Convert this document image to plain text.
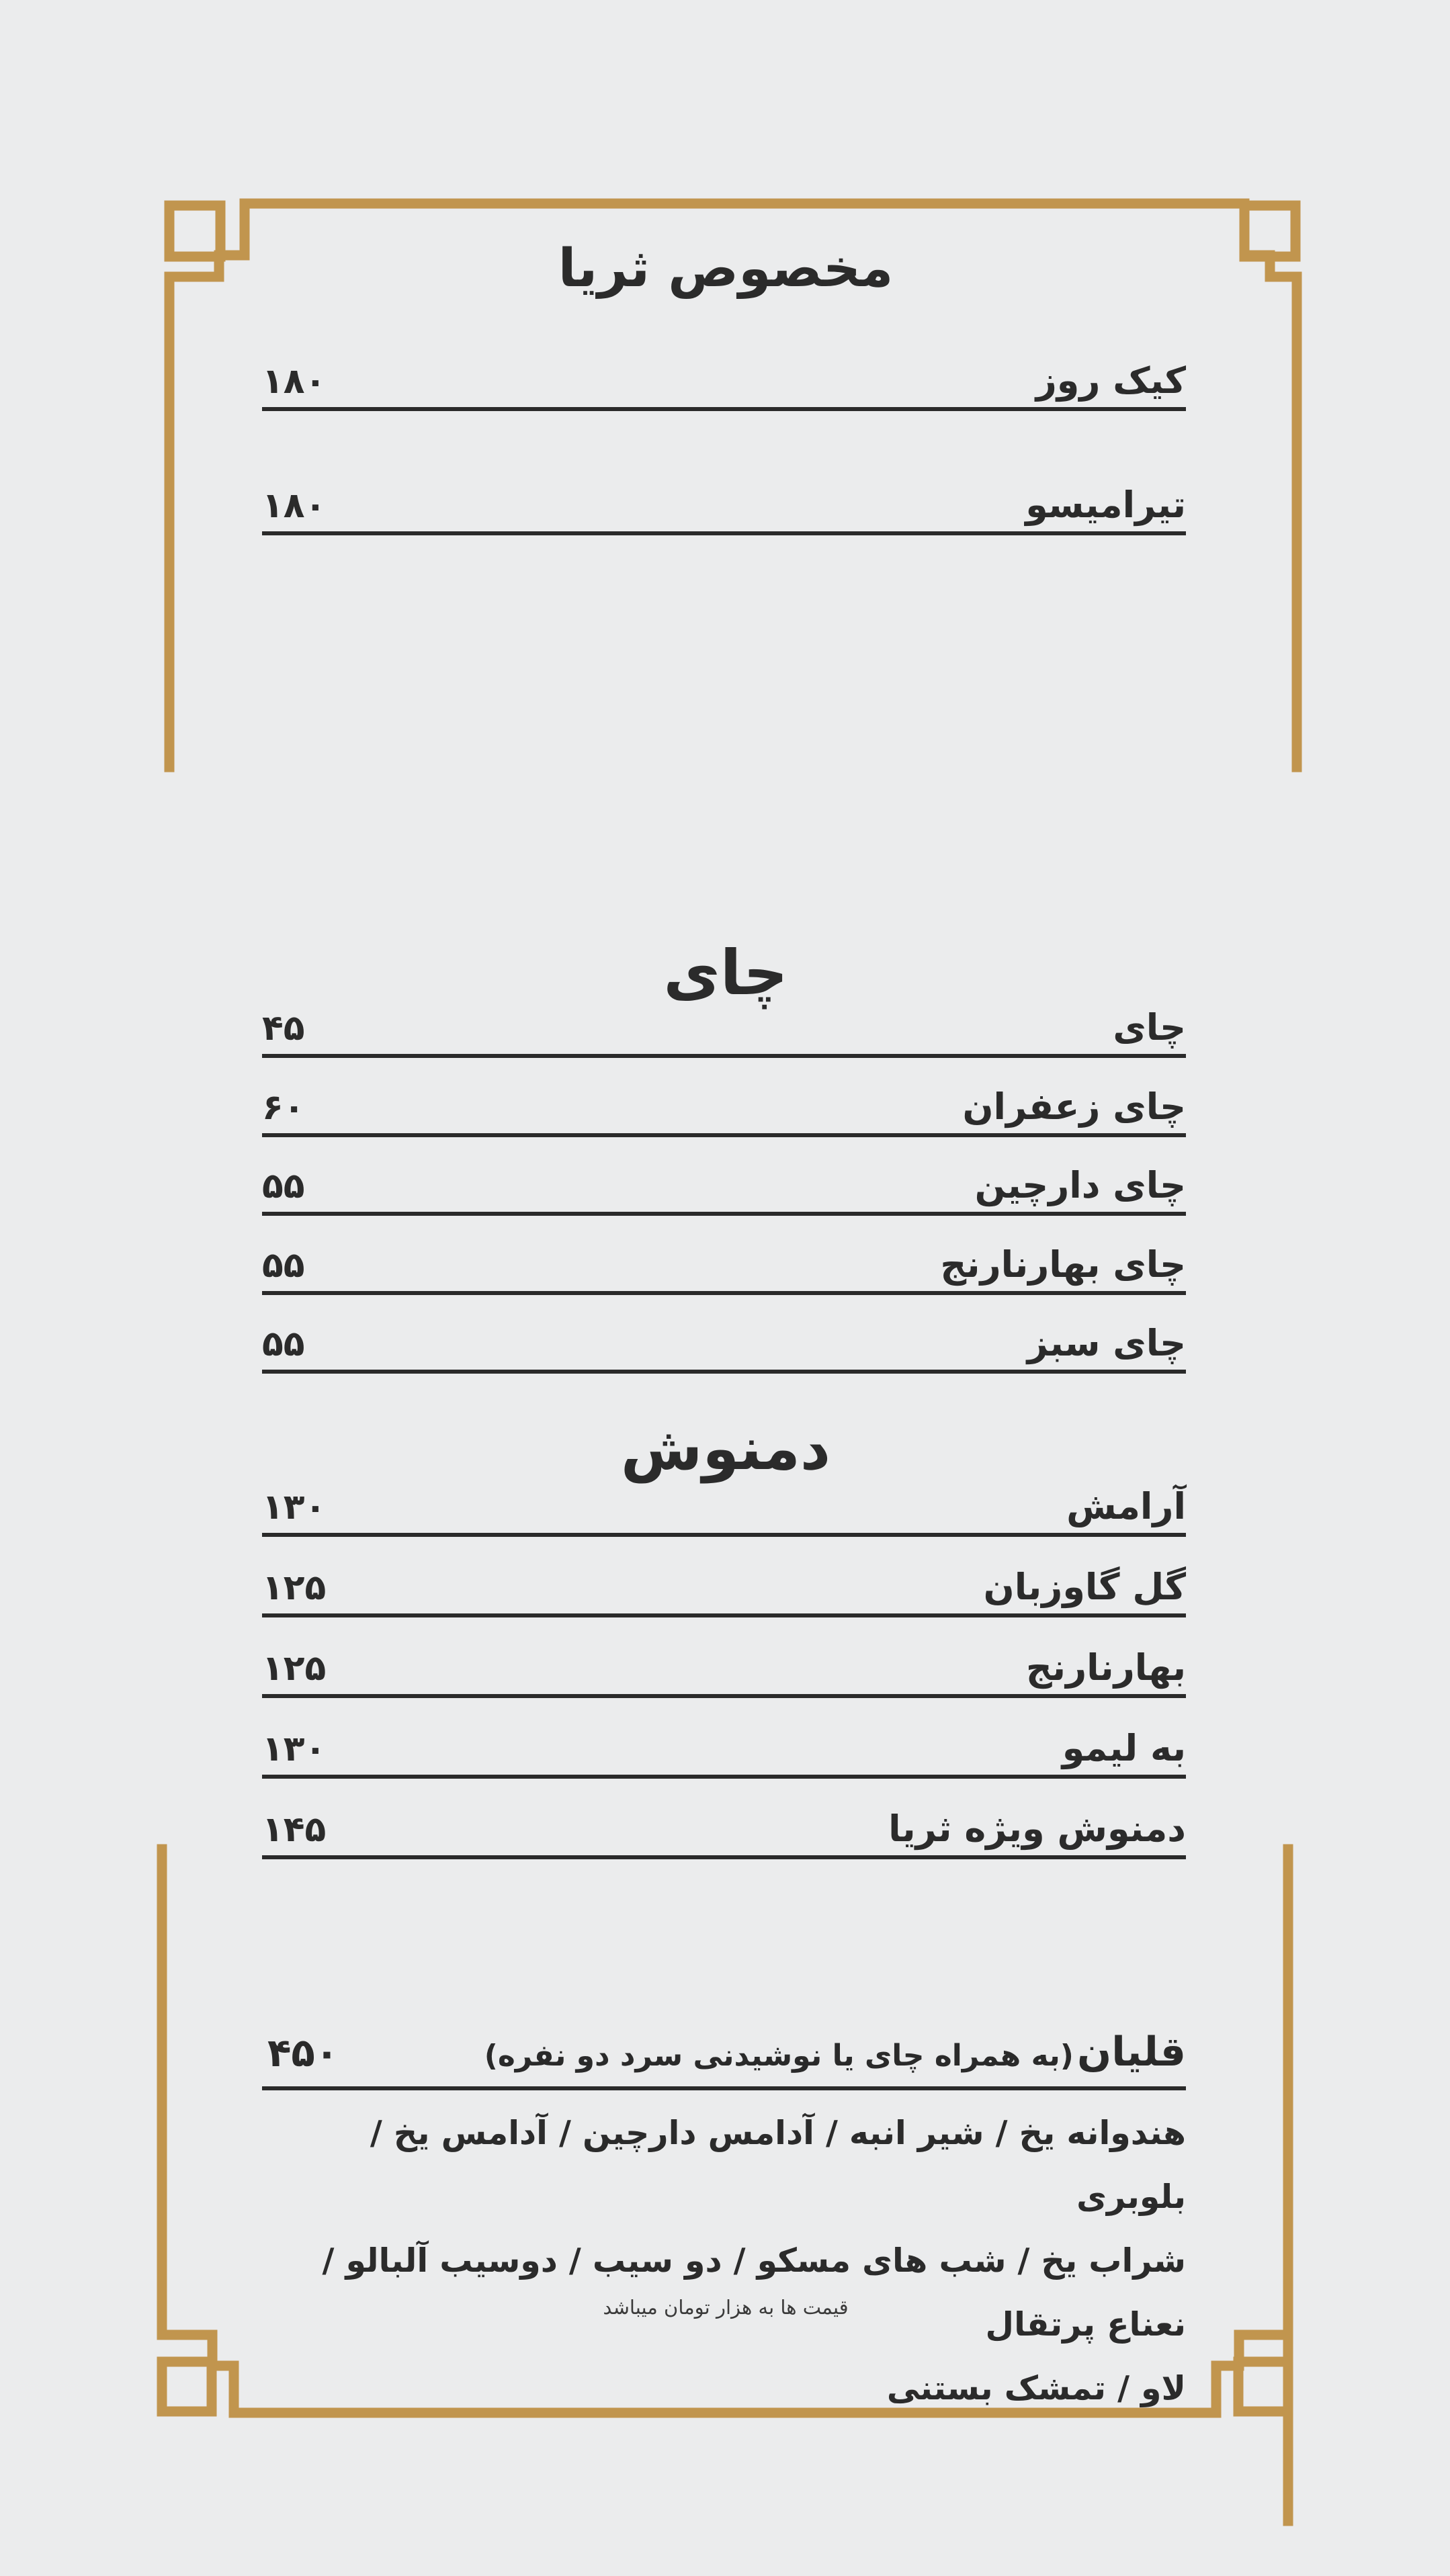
مخصوص ثریا
کیک روز
۱۸۰
تیرامیسو
۱۸۰
چای
چای
۴۵
چای زعفران
۶۰
چای دارچین
۵۵
چای بهارنارنج
۵۵
چای سبز
۵۵
دمنوش
آرامش
۱۳۰
گل گاوزبان
۱۲۵
بهارنارنج
۱۲۵
به لیمو
۱۳۰
دمنوش ویژه ثریا
۱۴۵
قلیان (به همراه چای یا نوشیدنی سرد دو نفره)
۴۵۰
هندوانه یخ / شیر انبه / آدامس دارچین / آدامس یخ / بلوبری
شراب یخ / شب های مسکو / دو سیب / دوسیب آلبالو / نعناع پرتقال
لاو / تمشک بستنی
قیمت ها به هزار تومان میباشد
